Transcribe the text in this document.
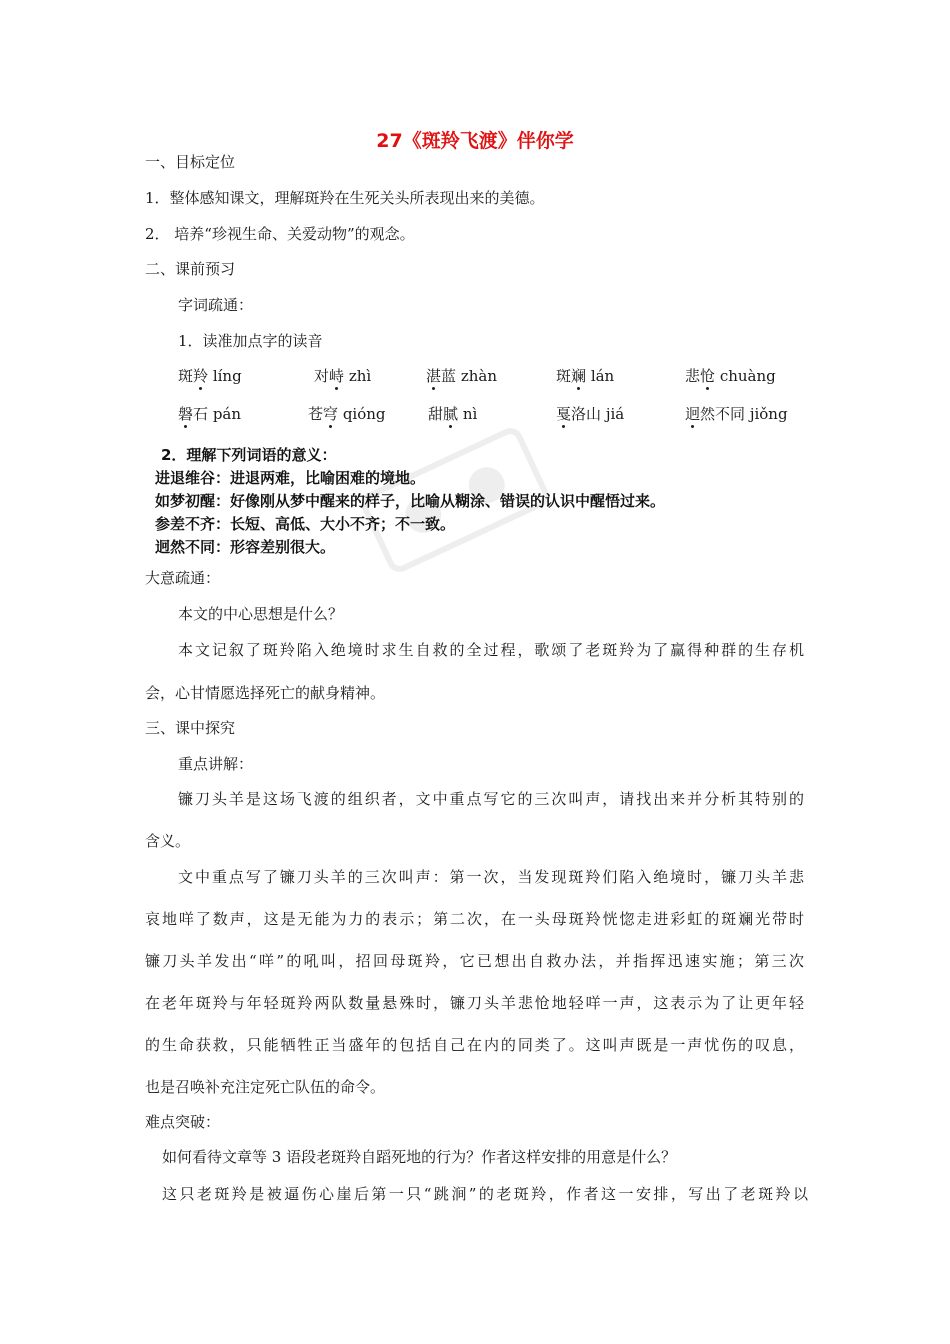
27《斑羚飞渡》伴你学
一、目标定位
1．整体感知课文，理解斑羚在生死关头所表现出来的美德。
2． 培养“珍视生命、关爱动物”的观念。
二、课前预习
字词疏通：
1．读准加点字的读音
斑羚 líng	对峙 zhì	湛蓝 zhàn	斑斓 lán	悲怆 chuàng
磐石 pán	苍穹 qióng	甜腻 nì	戛洛山 jiá	迥然不同 jiǒng
2．理解下列词语的意义：
进退维谷：进退两难，比喻困难的境地。
如梦初醒：好像刚从梦中醒来的样子，比喻从糊涂、错误的认识中醒悟过来。
参差不齐：长短、高低、大小不齐；不一致。
迥然不同：形容差别很大。
大意疏通：
本文的中心思想是什么？
本文记叙了斑羚陷入绝境时求生自救的全过程，歌颂了老斑羚为了赢得种群的生存机
会，心甘情愿选择死亡的献身精神。
三、课中探究
重点讲解：
镰刀头羊是这场飞渡的组织者，文中重点写它的三次叫声，请找出来并分析其特别的
含义。
文中重点写了镰刀头羊的三次叫声：第一次，当发现斑羚们陷入绝境时，镰刀头羊悲
哀地咩了数声，这是无能为力的表示；第二次，在一头母斑羚恍惚走进彩虹的斑斓光带时
镰刀头羊发出“咩”的吼叫，招回母斑羚，它已想出自救办法，并指挥迅速实施；第三次
在老年斑羚与年轻斑羚两队数量悬殊时，镰刀头羊悲怆地轻咩一声，这表示为了让更年轻
的生命获救，只能牺牲正当盛年的包括自己在内的同类了。这叫声既是一声忧伤的叹息，
也是召唤补充注定死亡队伍的命令。
难点突破：
如何看待文章等 3 语段老斑羚自蹈死地的行为？作者这样安排的用意是什么？
这只老斑羚是被逼伤心崖后第一只“跳涧”的老斑羚，作者这一安排，写出了老斑羚以
